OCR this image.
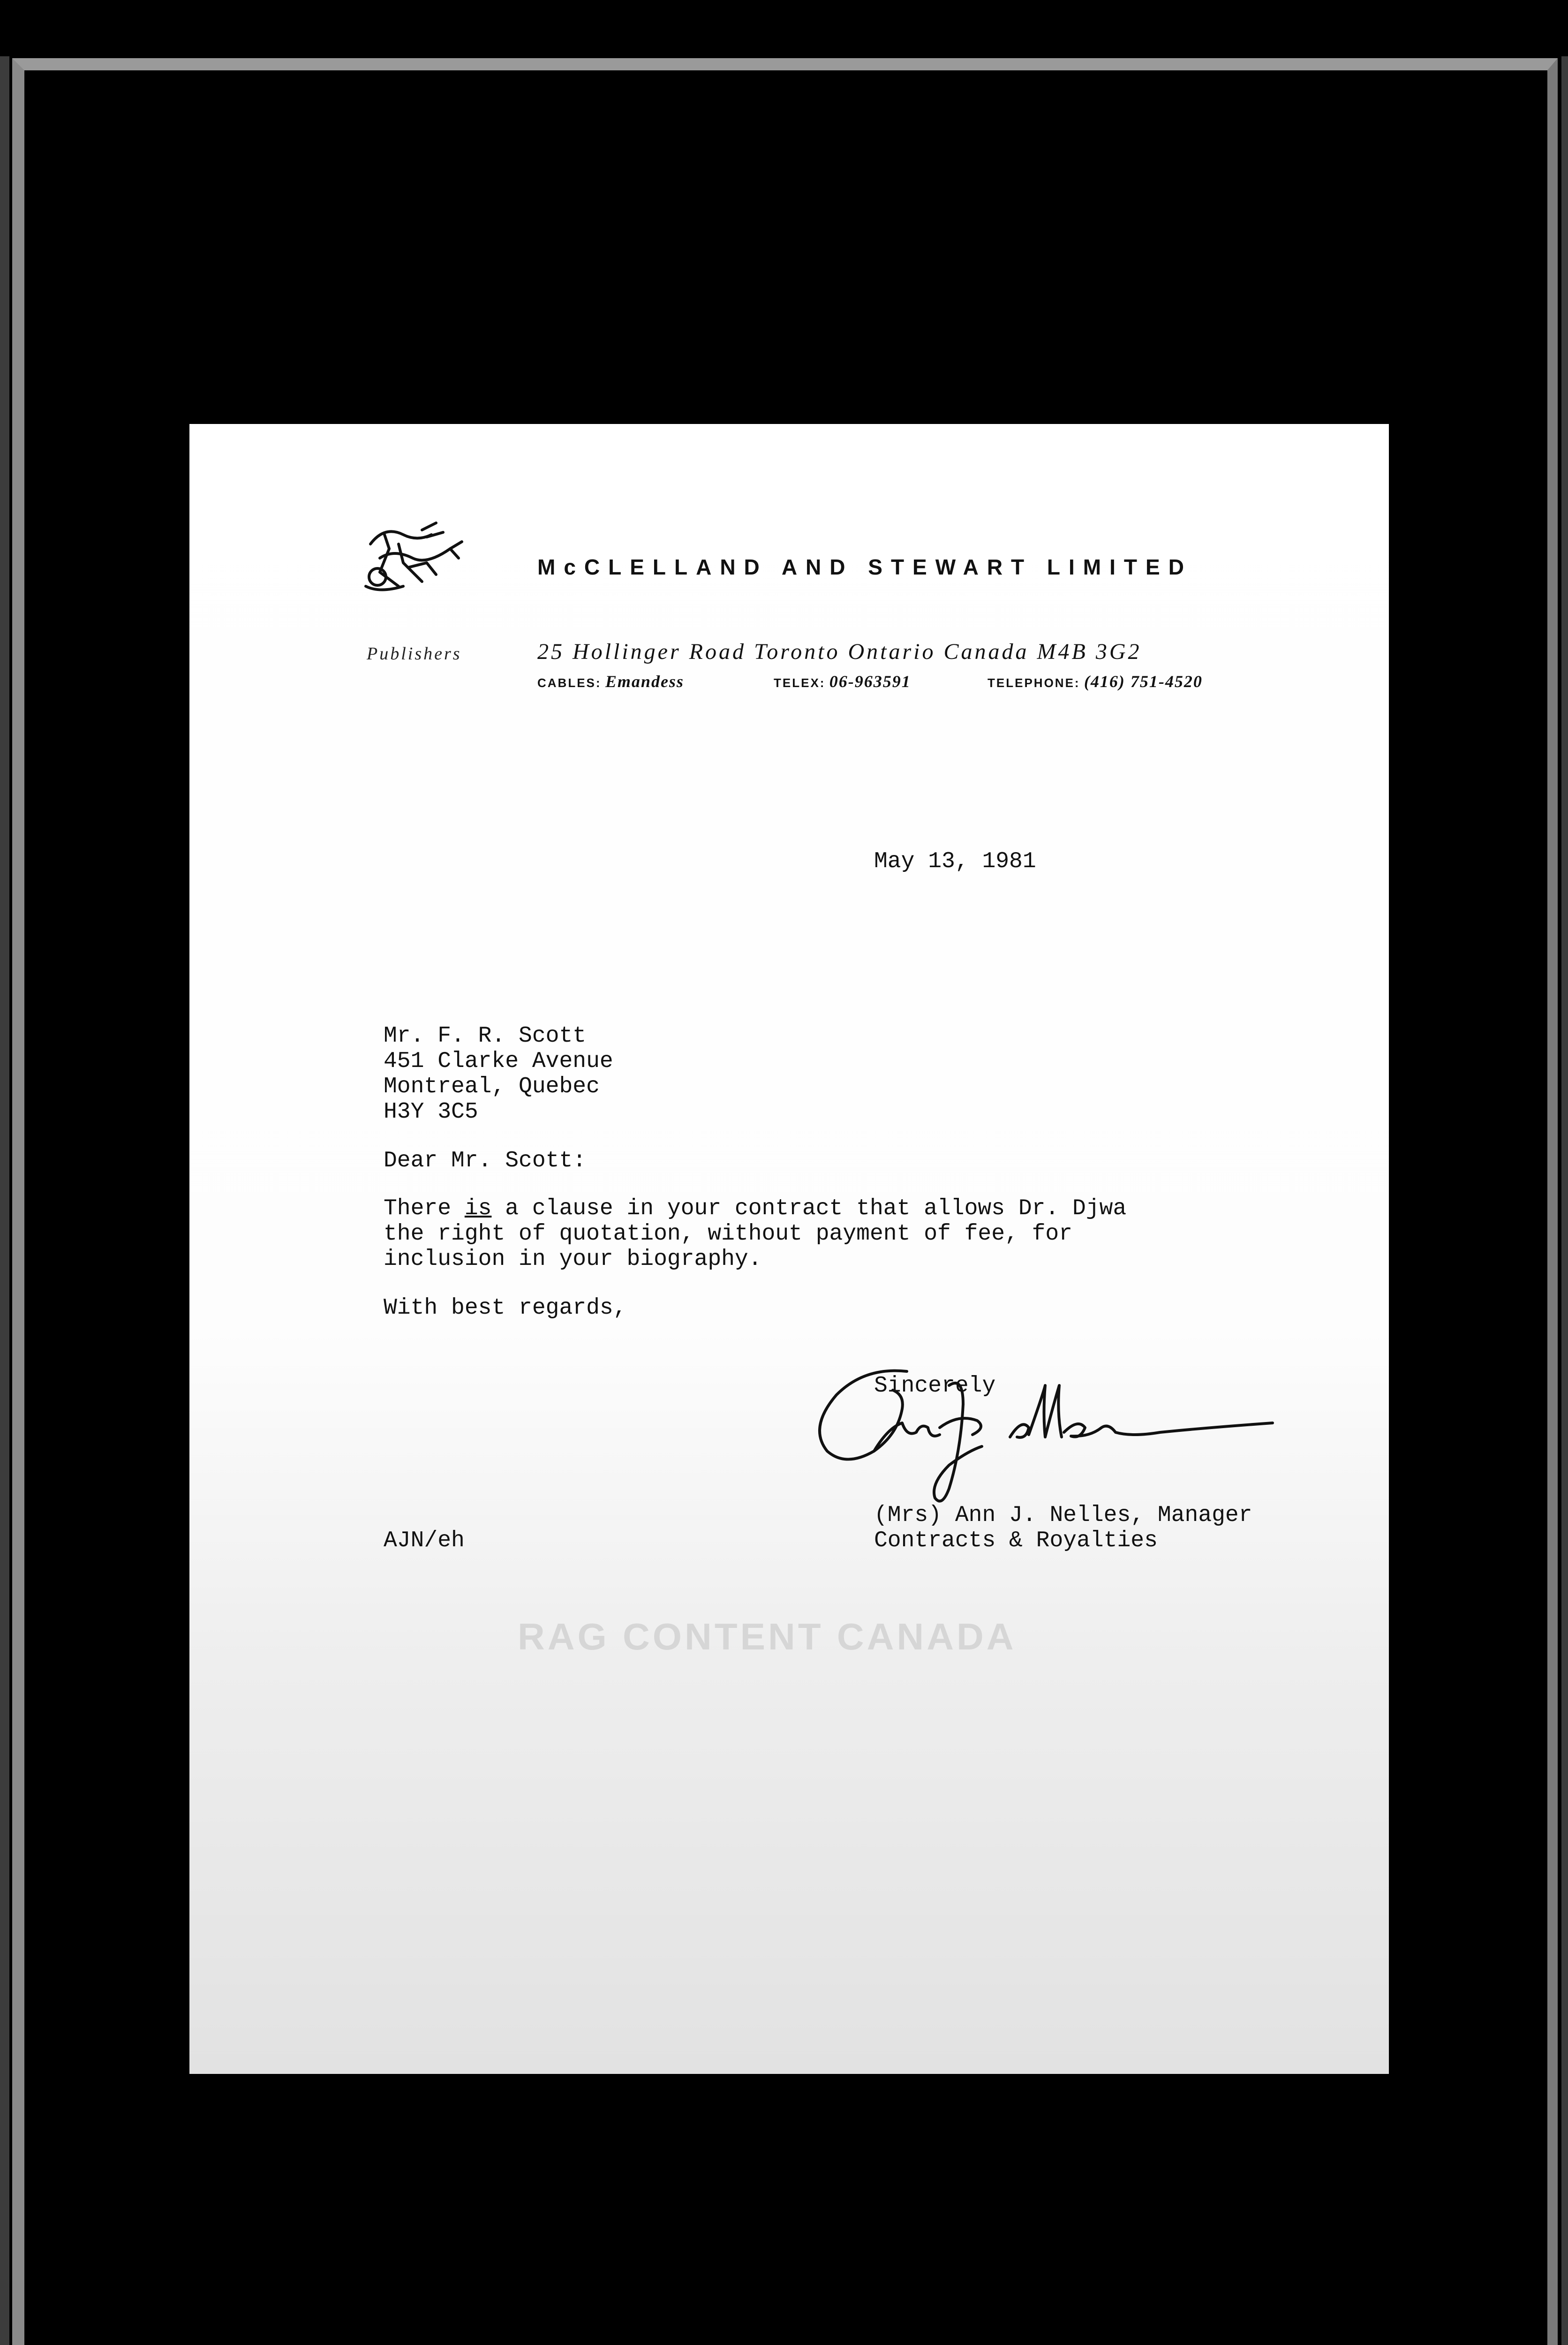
McCLELLAND AND STEWART LIMITED
Publishers	25 Hollinger Road Toronto Ontario Canada M4B 3G2
CABLES: Emandess	TELEX: 06-963591	TELEPHONE: (416) 751-4520
May 13, 1981
Mr. F. R. Scott
451 Clarke Avenue
Montreal, Quebec
H3Y 3C5
Dear Mr. Scott:
There is a clause in your contract that allows Dr. Djwa
the right of quotation, without payment of fee, for
inclusion in your biography.
With best regards,
Sincerely
(Mrs) Ann J. Nelles, Manager
Contracts & Royalties
AJN/eh
RAG CONTENT CANADA
